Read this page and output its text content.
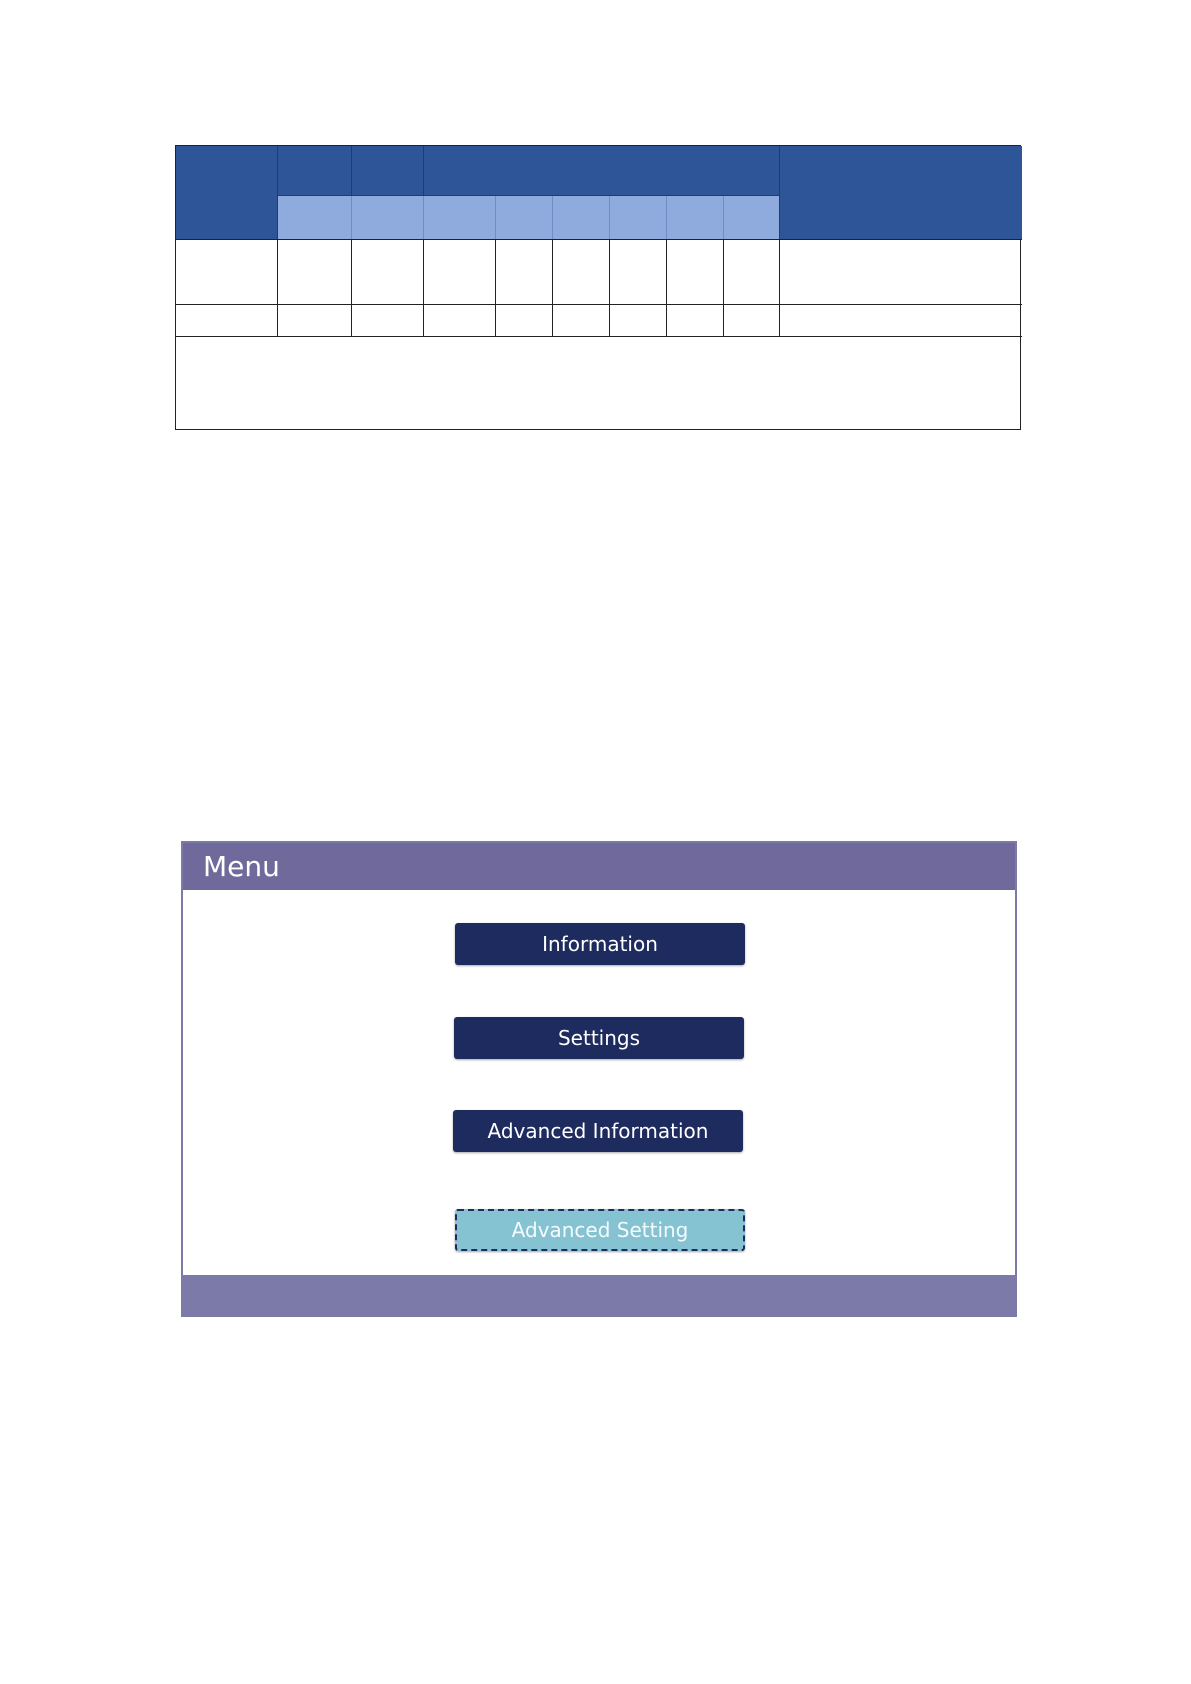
Menu
Information
Settings
Advanced Information
Advanced Setting
